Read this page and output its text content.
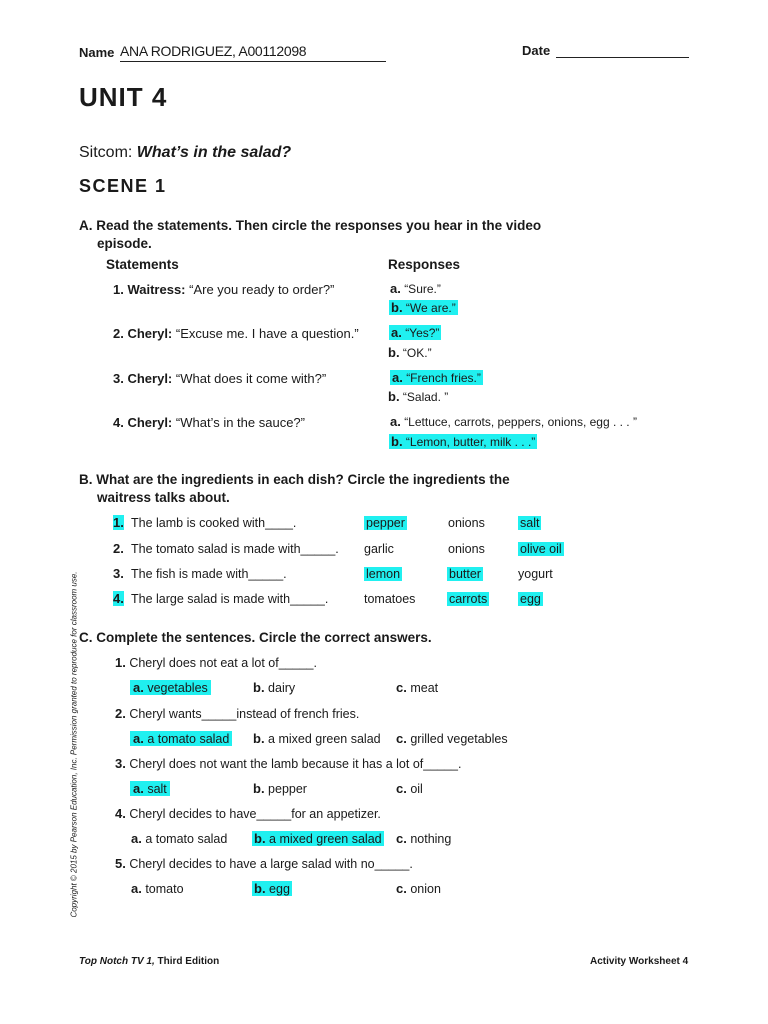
Name ANA RODRIGUEZ, A00112098	Date
UNIT 4
Sitcom: What’s in the salad?
SCENE 1
A. Read the statements. Then circle the responses you hear in the video
episode.
Statements	Responses
1. Waitress: “Are you ready to order?”	a. “Sure.”
b. “We are.”
2. Cheryl: “Excuse me. I have a question.” a. “Yes?”
b. “OK.”
3. Cheryl: “What does it come with?”	a. “French fries.”
b. “Salad. ”
4. Cheryl: “What’s in the sauce?”	a. “Lettuce, carrots, peppers, onions, egg . . . ”
b. “Lemon, butter, milk . . .”
B. What are the ingredients in each dish? Circle the ingredients the
waitress talks about.
1. The lamb is cooked with____.	pepper	onions	salt
2. The tomato salad is made with_____. garlic	onions	olive oil
3. The fish is made with_____.	lemon	butter	yogurt
4. The large salad is made with_____.	tomatoes	carrots	egg
C. Complete the sentences. Circle the correct answers.
1. Cheryl does not eat a lot of_____.
a. vegetables	b. dairy	c. meat
2. Cheryl wants_____instead of french fries.
a. a tomato salad b. a mixed green salad c. grilled vegetables
3. Cheryl does not want the lamb because it has a lot of_____.
a. salt	b. pepper	c. oil
4. Cheryl decides to have_____for an appetizer.
a. a tomato salad b. a mixed green salad c. nothing
5. Cheryl decides to have a large salad with no_____.
a. tomato	b. egg	c. onion
Copyright © 2015 by Pearson Education, Inc. Permission granted to reproduce for classroom use.
Top Notch TV 1, Third Edition	Activity Worksheet 4
